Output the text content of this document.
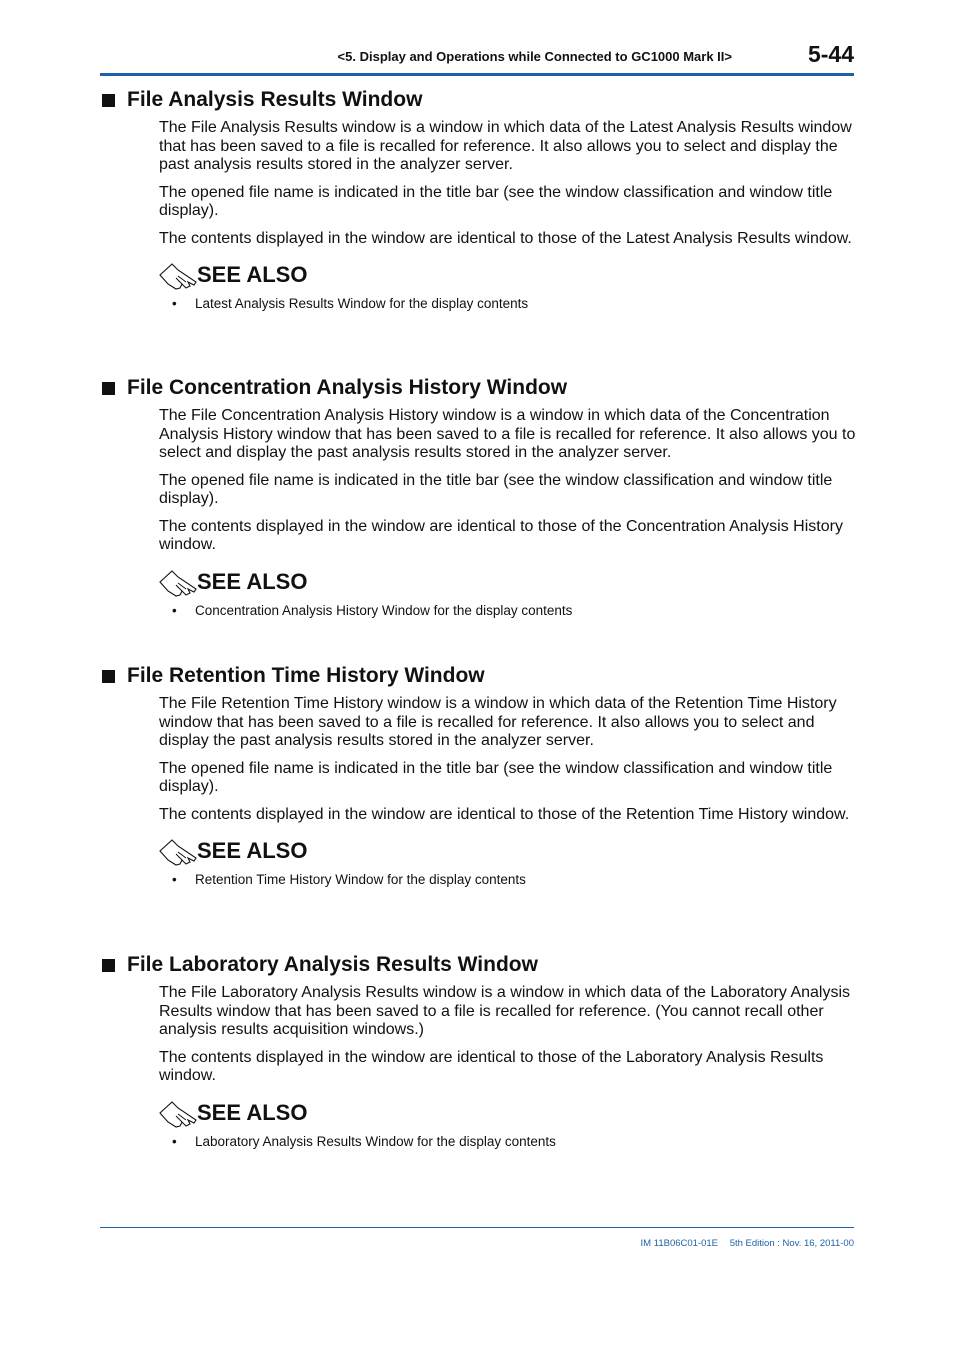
<5. Display and Operations while Connected to GC1000 Mark II>	5-44
File Analysis Results Window

The File Analysis Results window is a window in which data of the Latest Analysis Results window that has been saved to a file is recalled for reference. It also allows you to select and display the past analysis results stored in the analyzer server.

The opened file name is indicated in the title bar (see the window classification and window title display).

The contents displayed in the window are identical to those of the Latest Analysis Results window.

SEE ALSO
• Latest Analysis Results Window for the display contents
File Concentration Analysis History Window

The File Concentration Analysis History window is a window in which data of the Concentration Analysis History window that has been saved to a file is recalled for reference. It also allows you to select and display the past analysis results stored in the analyzer server.

The opened file name is indicated in the title bar (see the window classification and window title display).

The contents displayed in the window are identical to those of the Concentration Analysis History window.

SEE ALSO
• Concentration Analysis History Window for the display contents
File Retention Time History Window

The File Retention Time History window is a window in which data of the Retention Time History window that has been saved to a file is recalled for reference. It also allows you to select and display the past analysis results stored in the analyzer server.

The opened file name is indicated in the title bar (see the window classification and window title display).

The contents displayed in the window are identical to those of the Retention Time History window.

SEE ALSO
• Retention Time History Window for the display contents
File Laboratory Analysis Results Window

The File Laboratory Analysis Results window is a window in which data of the Laboratory Analysis Results window that has been saved to a file is recalled for reference. (You cannot recall other analysis results acquisition windows.)

The contents displayed in the window are identical to those of the Laboratory Analysis Results window.

SEE ALSO
• Laboratory Analysis Results Window for the display contents
IM 11B06C01-01E	5th Edition : Nov. 16, 2011-00
